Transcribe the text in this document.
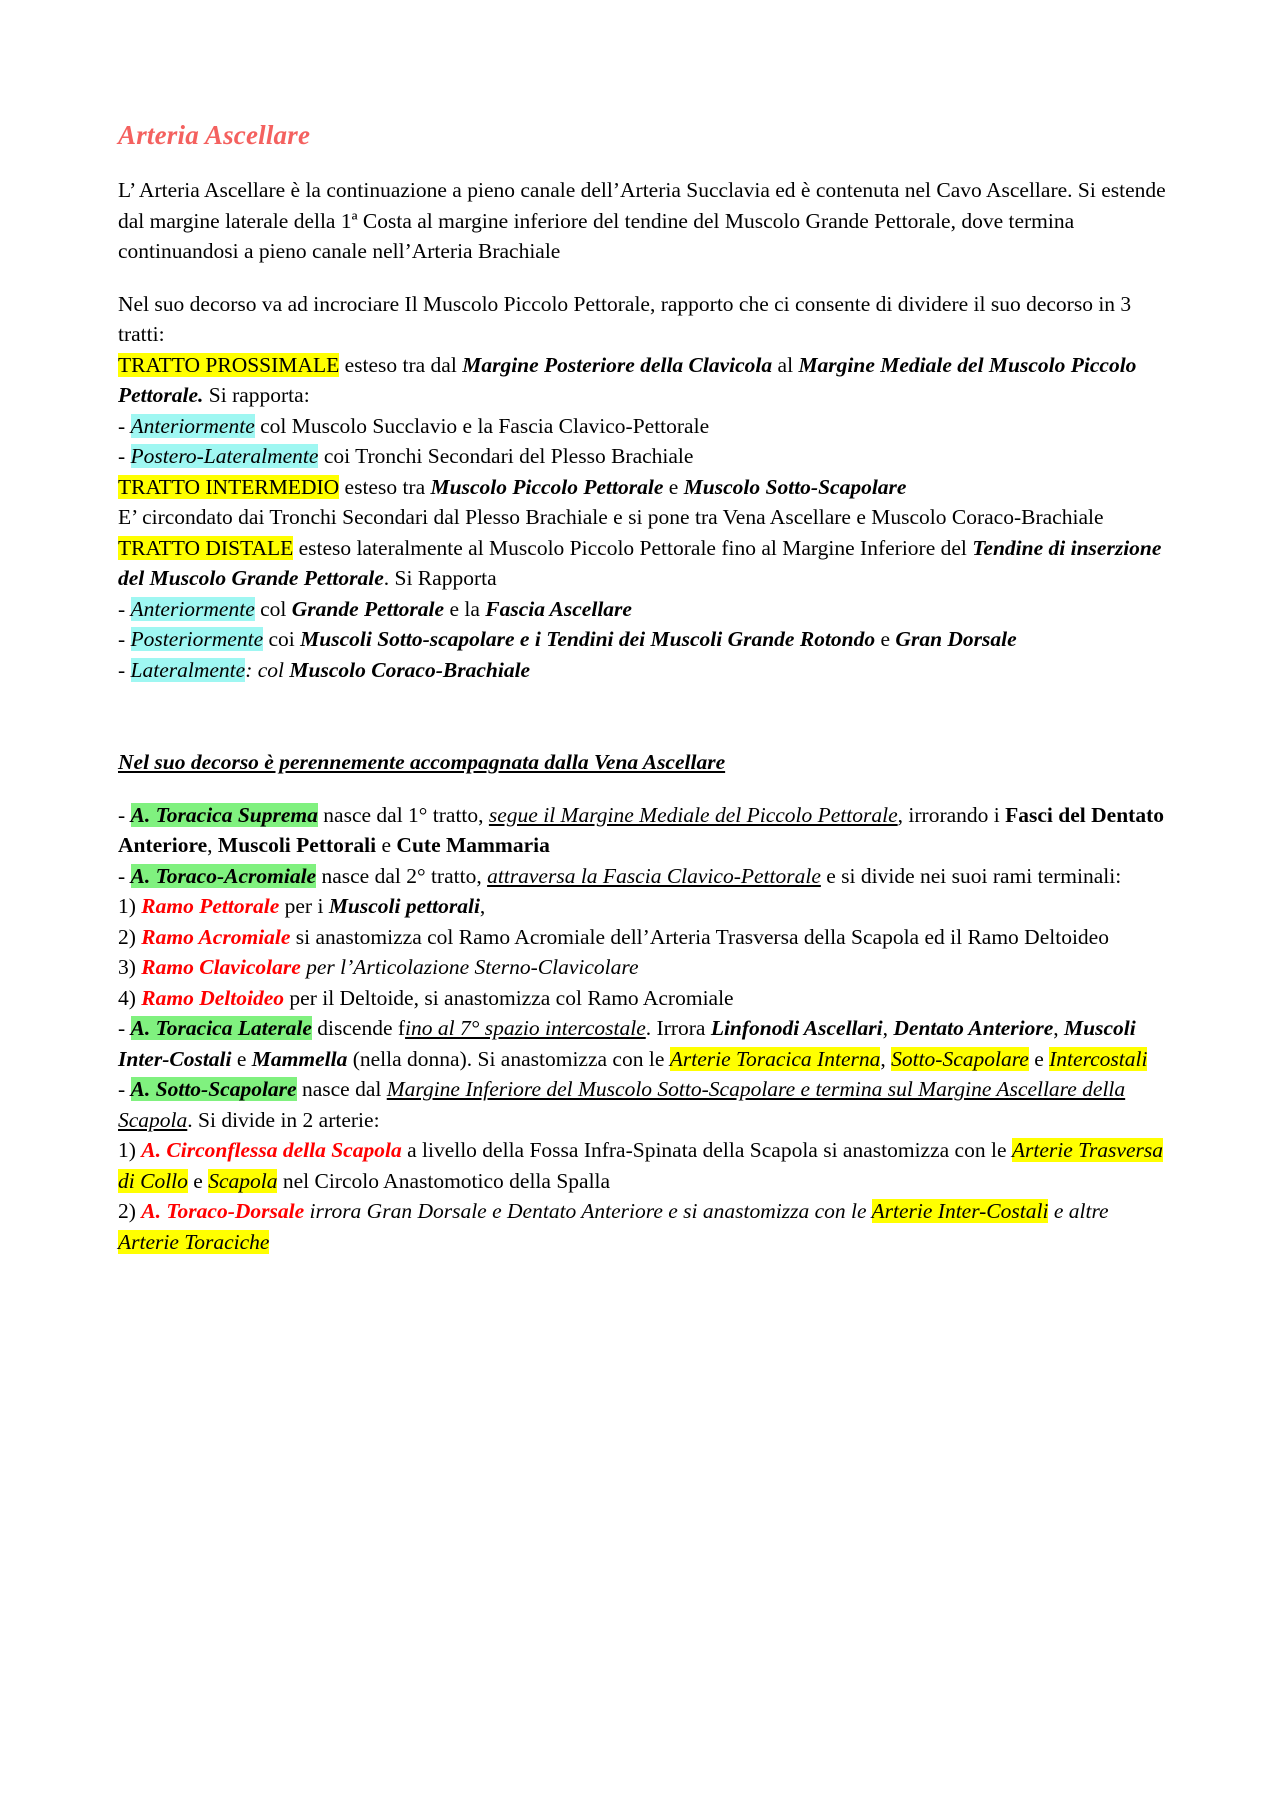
Arteria Ascellare

L’ Arteria Ascellare è la continuazione a pieno canale dell’Arteria Succlavia ed è contenuta nel Cavo Ascellare. Si estende dal margine laterale della 1ª Costa al margine inferiore del tendine del Muscolo Grande Pettorale, dove termina continuandosi a pieno canale nell’Arteria Brachiale

Nel suo decorso va ad incrociare Il Muscolo Piccolo Pettorale, rapporto che ci consente di dividere il suo decorso in 3 tratti:

TRATTO PROSSIMALE esteso tra dal Margine Posteriore della Clavicola al Margine Mediale del Muscolo Piccolo Pettorale. Si rapporta:

- Anteriormente col Muscolo Succlavio e la Fascia Clavico-Pettorale

- Postero-Lateralmente coi Tronchi Secondari del Plesso Brachiale

TRATTO INTERMEDIO esteso tra Muscolo Piccolo Pettorale e Muscolo Sotto-Scapolare

E’ circondato dai Tronchi Secondari dal Plesso Brachiale e si pone tra Vena Ascellare e Muscolo Coraco-Brachiale

TRATTO DISTALE esteso lateralmente al Muscolo Piccolo Pettorale fino al Margine Inferiore del Tendine di inserzione del Muscolo Grande Pettorale. Si Rapporta

- Anteriormente col Grande Pettorale e la Fascia Ascellare

- Posteriormente coi Muscoli Sotto-scapolare e i Tendini dei Muscoli Grande Rotondo e Gran Dorsale

- Lateralmente: col Muscolo Coraco-Brachiale

Nel suo decorso è perennemente accompagnata dalla Vena Ascellare

- A. Toracica Suprema nasce dal 1° tratto, segue il Margine Mediale del Piccolo Pettorale, irrorando i Fasci del Dentato Anteriore, Muscoli Pettorali e Cute Mammaria

- A. Toraco-Acromiale nasce dal 2° tratto, attraversa la Fascia Clavico-Pettorale e si divide nei suoi rami terminali:

1) Ramo Pettorale per i Muscoli pettorali,

2) Ramo Acromiale si anastomizza col Ramo Acromiale dell’Arteria Trasversa della Scapola ed il Ramo Deltoideo

3) Ramo Clavicolare per l’Articolazione Sterno-Clavicolare

4) Ramo Deltoideo per il Deltoide, si anastomizza col Ramo Acromiale

- A. Toracica Laterale discende fino al 7° spazio intercostale. Irrora Linfonodi Ascellari, Dentato Anteriore, Muscoli Inter-Costali e Mammella (nella donna). Si anastomizza con le Arterie Toracica Interna, Sotto-Scapolare e Intercostali

- A. Sotto-Scapolare nasce dal Margine Inferiore del Muscolo Sotto-Scapolare e termina sul Margine Ascellare della Scapola. Si divide in 2 arterie:

1) A. Circonflessa della Scapola a livello della Fossa Infra-Spinata della Scapola si anastomizza con le Arterie Trasversa di Collo e Scapola nel Circolo Anastomotico della Spalla

2) A. Toraco-Dorsale irrora Gran Dorsale e Dentato Anteriore e si anastomizza con le Arterie Inter-Costali e altre Arterie Toraciche
